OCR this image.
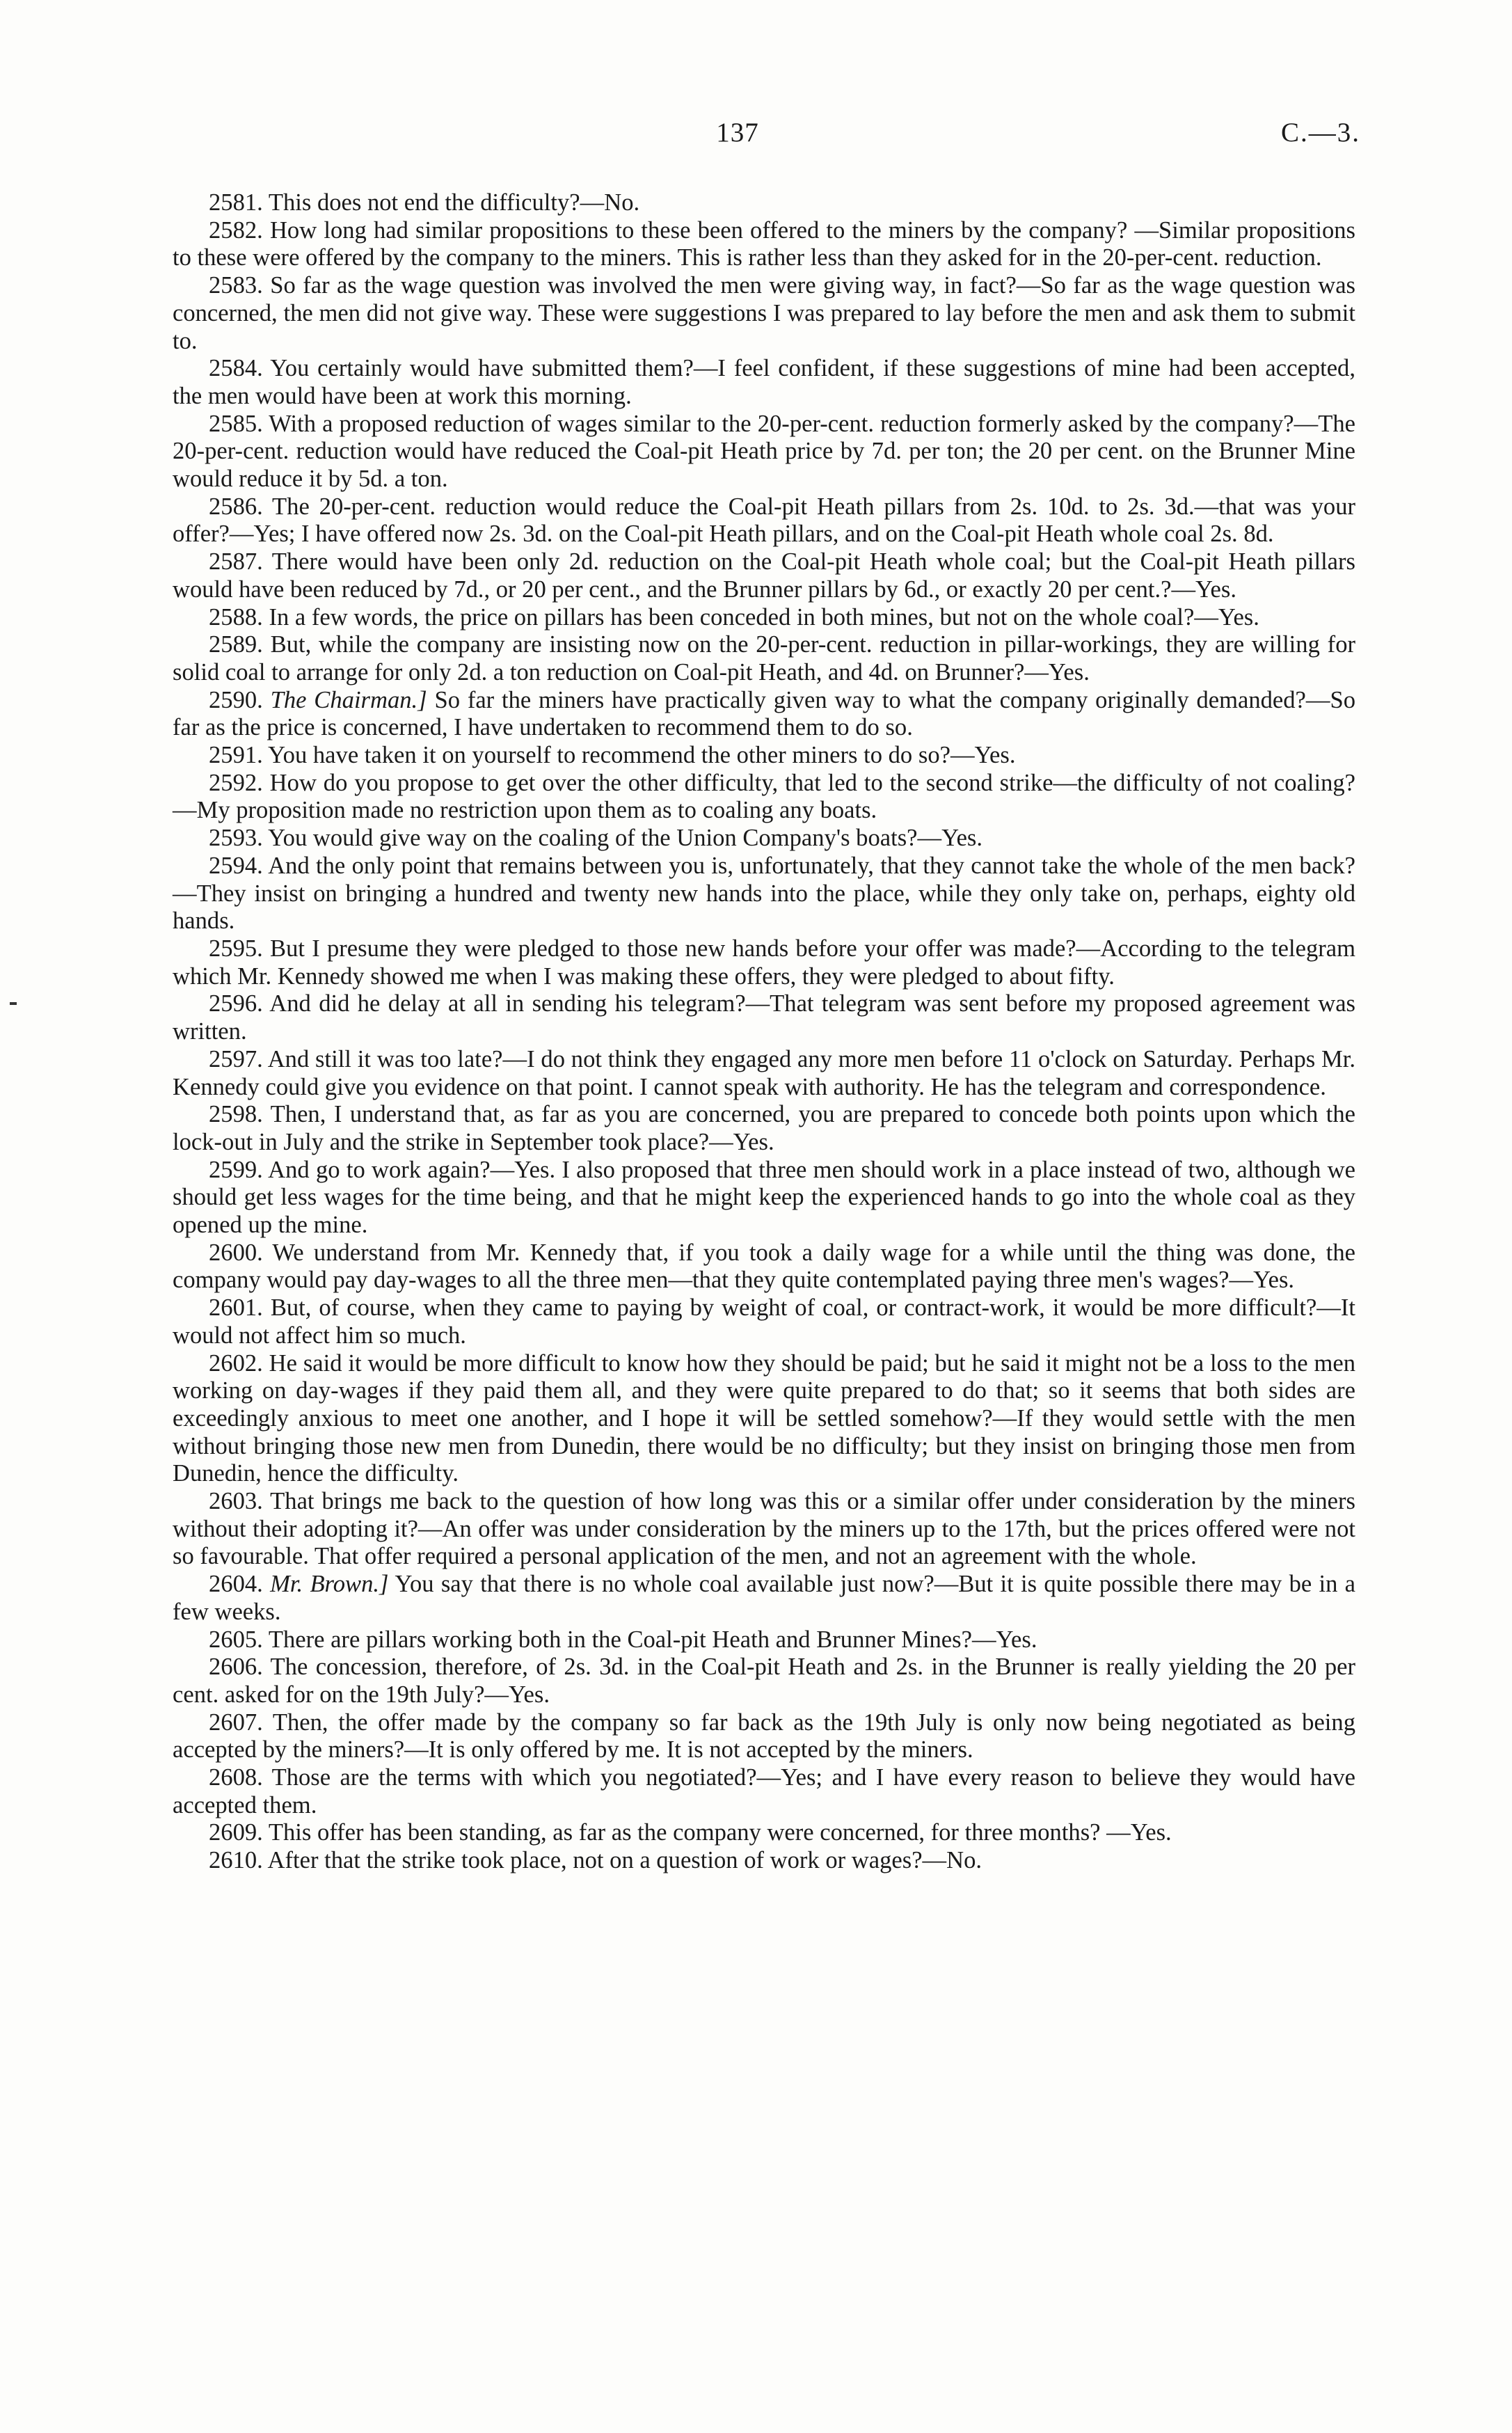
137	C.—3.

2581. This does not end the difficulty?—No.

2582. How long had similar propositions to these been offered to the miners by the company? —Similar propositions to these were offered by the company to the miners. This is rather less than they asked for in the 20-per-cent. reduction.

2583. So far as the wage question was involved the men were giving way, in fact?—So far as the wage question was concerned, the men did not give way. These were suggestions I was prepared to lay before the men and ask them to submit to.

2584. You certainly would have submitted them?—I feel confident, if these suggestions of mine had been accepted, the men would have been at work this morning.

2585. With a proposed reduction of wages similar to the 20-per-cent. reduction formerly asked by the company?—The 20-per-cent. reduction would have reduced the Coal-pit Heath price by 7d. per ton; the 20 per cent. on the Brunner Mine would reduce it by 5d. a ton.

2586. The 20-per-cent. reduction would reduce the Coal-pit Heath pillars from 2s. 10d. to 2s. 3d.—that was your offer?—Yes; I have offered now 2s. 3d. on the Coal-pit Heath pillars, and on the Coal-pit Heath whole coal 2s. 8d.

2587. There would have been only 2d. reduction on the Coal-pit Heath whole coal; but the Coal-pit Heath pillars would have been reduced by 7d., or 20 per cent., and the Brunner pillars by 6d., or exactly 20 per cent.?—Yes.

2588. In a few words, the price on pillars has been conceded in both mines, but not on the whole coal?—Yes.

2589. But, while the company are insisting now on the 20-per-cent. reduction in pillar-workings, they are willing for solid coal to arrange for only 2d. a ton reduction on Coal-pit Heath, and 4d. on Brunner?—Yes.

2590. The Chairman.] So far the miners have practically given way to what the company originally demanded?—So far as the price is concerned, I have undertaken to recommend them to do so.

2591. You have taken it on yourself to recommend the other miners to do so?—Yes.

2592. How do you propose to get over the other difficulty, that led to the second strike—the difficulty of not coaling?—My proposition made no restriction upon them as to coaling any boats.

2593. You would give way on the coaling of the Union Company's boats?—Yes.

2594. And the only point that remains between you is, unfortunately, that they cannot take the whole of the men back?—They insist on bringing a hundred and twenty new hands into the place, while they only take on, perhaps, eighty old hands.

2595. But I presume they were pledged to those new hands before your offer was made?—According to the telegram which Mr. Kennedy showed me when I was making these offers, they were pledged to about fifty.

2596. And did he delay at all in sending his telegram?—That telegram was sent before my proposed agreement was written.

2597. And still it was too late?—I do not think they engaged any more men before 11 o'clock on Saturday. Perhaps Mr. Kennedy could give you evidence on that point. I cannot speak with authority. He has the telegram and correspondence.

2598. Then, I understand that, as far as you are concerned, you are prepared to concede both points upon which the lock-out in July and the strike in September took place?—Yes.

2599. And go to work again?—Yes. I also proposed that three men should work in a place instead of two, although we should get less wages for the time being, and that he might keep the experienced hands to go into the whole coal as they opened up the mine.

2600. We understand from Mr. Kennedy that, if you took a daily wage for a while until the thing was done, the company would pay day-wages to all the three men—that they quite contemplated paying three men's wages?—Yes.

2601. But, of course, when they came to paying by weight of coal, or contract-work, it would be more difficult?—It would not affect him so much.

2602. He said it would be more difficult to know how they should be paid; but he said it might not be a loss to the men working on day-wages if they paid them all, and they were quite prepared to do that; so it seems that both sides are exceedingly anxious to meet one another, and I hope it will be settled somehow?—If they would settle with the men without bringing those new men from Dunedin, there would be no difficulty; but they insist on bringing those men from Dunedin, hence the difficulty.

2603. That brings me back to the question of how long was this or a similar offer under consideration by the miners without their adopting it?—An offer was under consideration by the miners up to the 17th, but the prices offered were not so favourable. That offer required a personal application of the men, and not an agreement with the whole.

2604. Mr. Brown.] You say that there is no whole coal available just now?—But it is quite possible there may be in a few weeks.

2605. There are pillars working both in the Coal-pit Heath and Brunner Mines?—Yes.

2606. The concession, therefore, of 2s. 3d. in the Coal-pit Heath and 2s. in the Brunner is really yielding the 20 per cent. asked for on the 19th July?—Yes.

2607. Then, the offer made by the company so far back as the 19th July is only now being negotiated as being accepted by the miners?—It is only offered by me. It is not accepted by the miners.

2608. Those are the terms with which you negotiated?—Yes; and I have every reason to believe they would have accepted them.

2609. This offer has been standing, as far as the company were concerned, for three months? —Yes.

2610. After that the strike took place, not on a question of work or wages?—No.
